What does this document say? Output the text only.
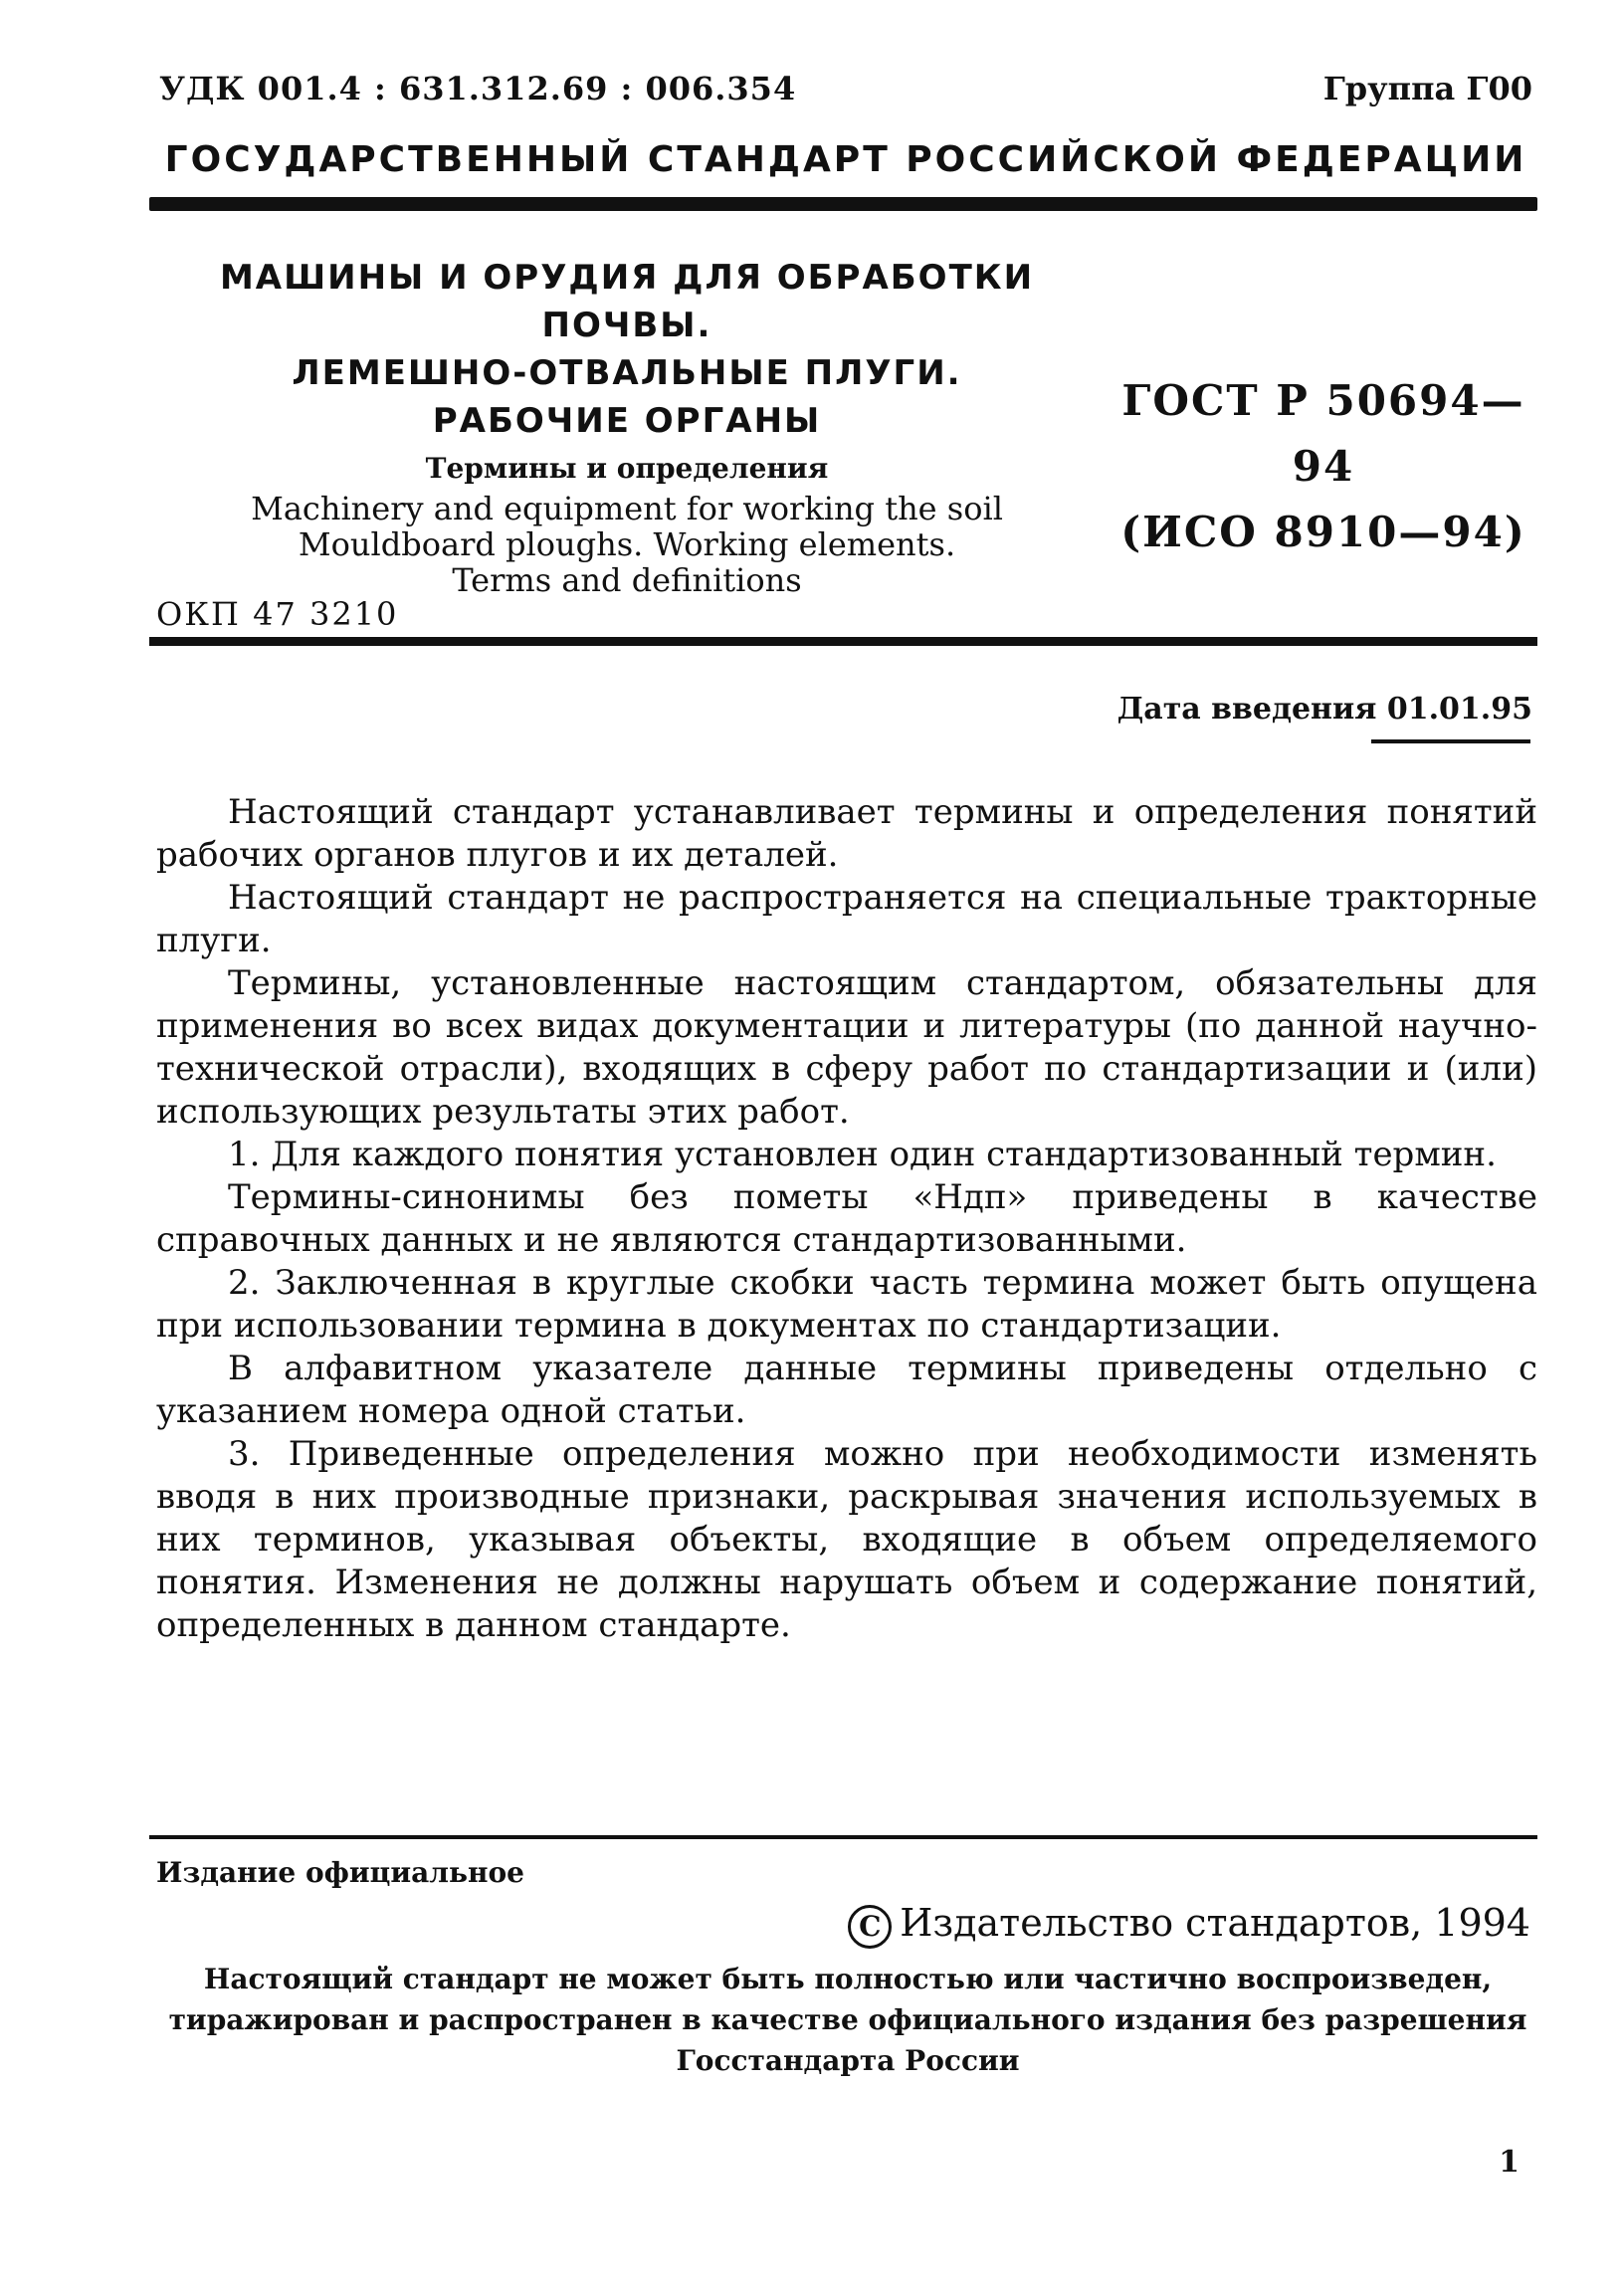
УДК 001.4 : 631.312.69 : 006.354	Группа Г00
ГОСУДАРСТВЕННЫЙ СТАНДАРТ РОССИЙСКОЙ ФЕДЕРАЦИИ
МАШИНЫ И ОРУДИЯ ДЛЯ ОБРАБОТКИ ПОЧВЫ.
ЛЕМЕШНО-ОТВАЛЬНЫЕ ПЛУГИ.
РАБОЧИЕ ОРГАНЫ
Термины и определения
Machinery and equipment for working the soil
Mouldboard ploughs. Working elements.
Terms and definitions
ГОСТ Р 50694—94
(ИСО 8910—94)
ОКП 47 3210
Дата введения 01.01.95

Настоящий стандарт устанавливает термины и определения понятий рабочих органов плугов и их деталей.

Настоящий стандарт не распространяется на специальные тракторные плуги.

Термины, установленные настоящим стандартом, обязательны для применения во всех видах документации и литературы (по данной научно-технической отрасли), входящих в сферу работ по стандартизации и (или) использующих результаты этих работ.

1. Для каждого понятия установлен один стандартизованный термин.

Термины-синонимы без пометы «Ндп» приведены в качестве справочных данных и не являются стандартизованными.

2. Заключенная в круглые скобки часть термина может быть опущена при использовании термина в документах по стандартизации.

В алфавитном указателе данные термины приведены отдельно с указанием номера одной статьи.

3. Приведенные определения можно при необходимости изменять вводя в них производные признаки, раскрывая значения используемых в них терминов, указывая объекты, входящие в объем определяемого понятия. Изменения не должны нарушать объем и содержание понятий, определенных в данном стандарте.

Издание официальное
C Издательство стандартов, 1994
Настоящий стандарт не может быть полностью или частично воспроизведен, тиражирован и распространен в качестве официального издания без разрешения Госстандарта России
1
